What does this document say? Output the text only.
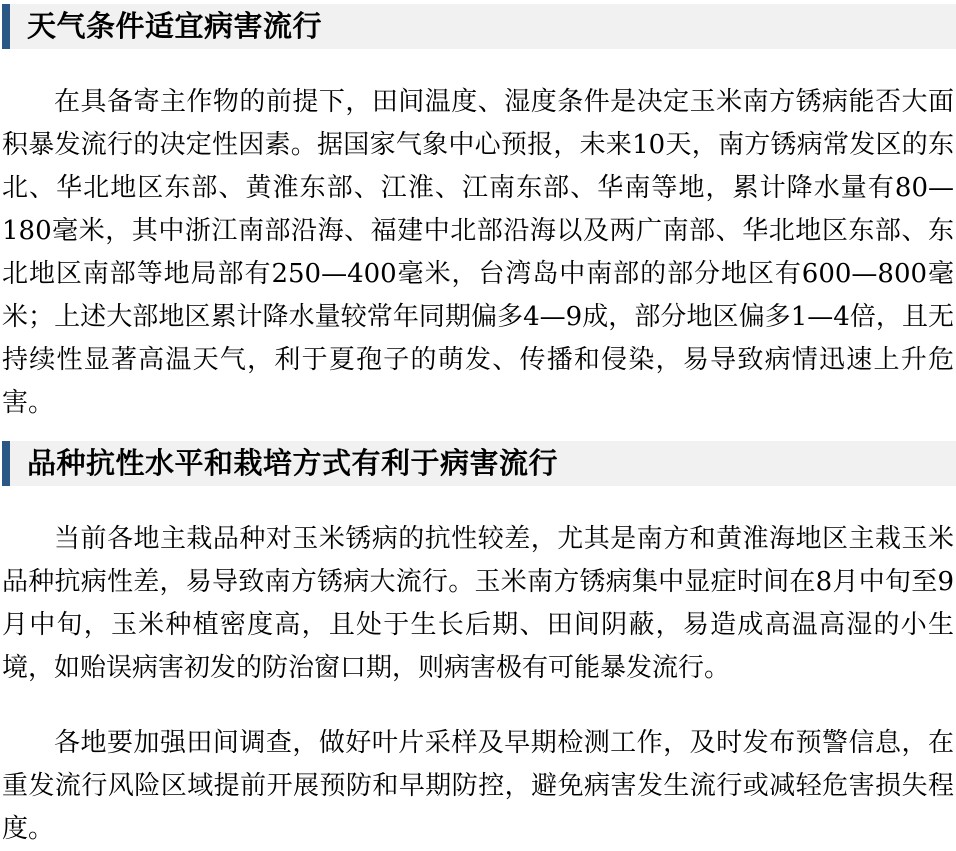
天气条件适宜病害流行

在具备寄主作物的前提下，田间温度、湿度条件是决定玉米南方锈病能否大面积暴发流行的决定性因素。据国家气象中心预报，未来10天，南方锈病常发区的东北、华北地区东部、黄淮东部、江淮、江南东部、华南等地，累计降水量有80—180毫米，其中浙江南部沿海、福建中北部沿海以及两广南部、华北地区东部、东北地区南部等地局部有250—400毫米，台湾岛中南部的部分地区有600—800毫米；上述大部地区累计降水量较常年同期偏多4—9成，部分地区偏多1—4倍，且无持续性显著高温天气，利于夏孢子的萌发、传播和侵染，易导致病情迅速上升危害。

品种抗性水平和栽培方式有利于病害流行

当前各地主栽品种对玉米锈病的抗性较差，尤其是南方和黄淮海地区主栽玉米品种抗病性差，易导致南方锈病大流行。玉米南方锈病集中显症时间在8月中旬至9月中旬，玉米种植密度高，且处于生长后期、田间阴蔽，易造成高温高湿的小生境，如贻误病害初发的防治窗口期，则病害极有可能暴发流行。

各地要加强田间调查，做好叶片采样及早期检测工作，及时发布预警信息，在重发流行风险区域提前开展预防和早期防控，避免病害发生流行或减轻危害损失程度。
